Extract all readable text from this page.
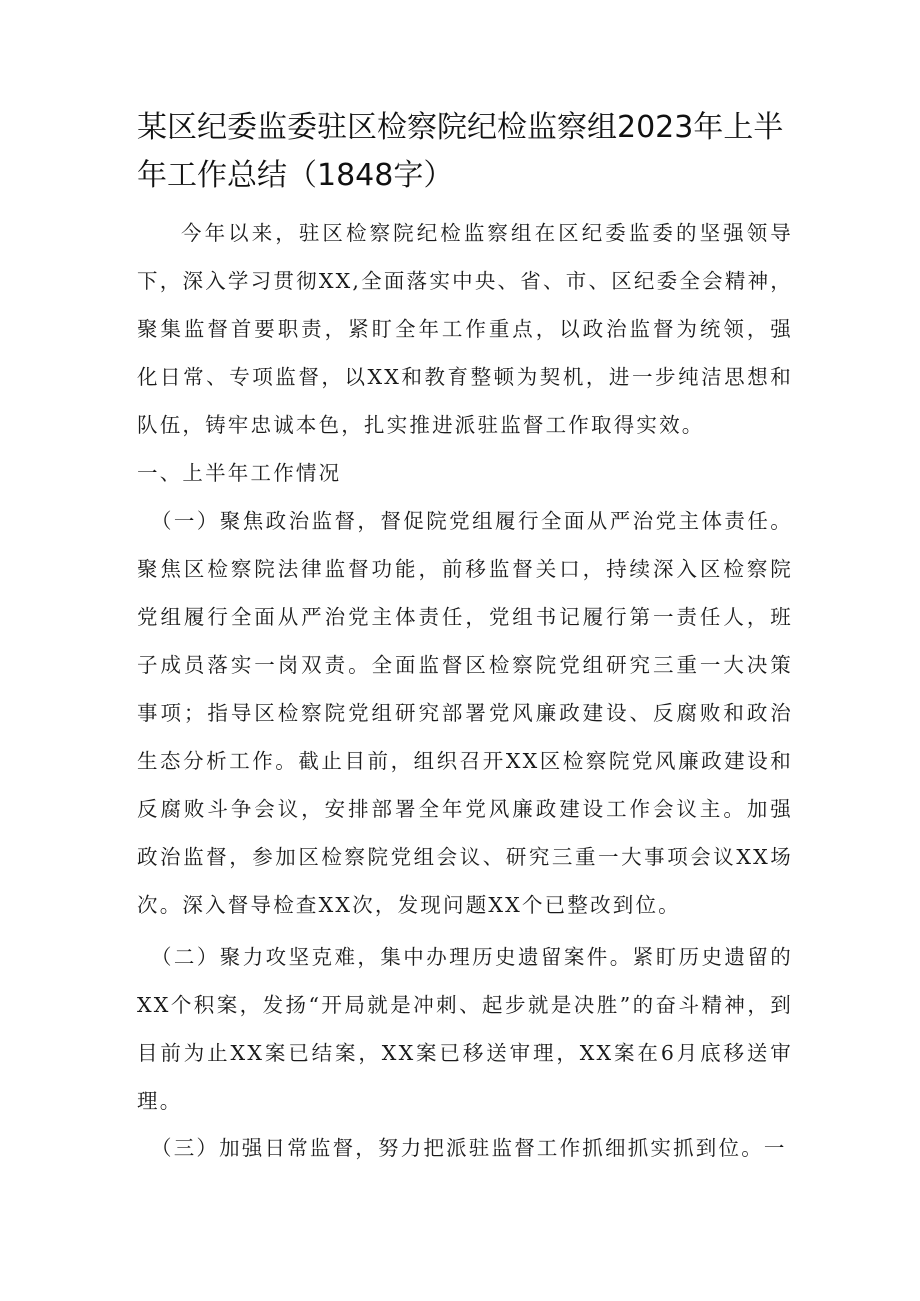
某区纪委监委驻区检察院纪检监察组2023年上半年工作总结（1848字）

今年以来，驻区检察院纪检监察组在区纪委监委的坚强领导下，深入学习贯彻XX,全面落实中央、省、市、区纪委全会精神，聚集监督首要职责，紧盯全年工作重点，以政治监督为统领，强化日常、专项监督，以XX和教育整顿为契机，进一步纯洁思想和队伍，铸牢忠诚本色，扎实推进派驻监督工作取得实效。

一、上半年工作情况

（一）聚焦政治监督，督促院党组履行全面从严治党主体责任。聚焦区检察院法律监督功能，前移监督关口，持续深入区检察院党组履行全面从严治党主体责任，党组书记履行第一责任人，班子成员落实一岗双责。全面监督区检察院党组研究三重一大决策事项；指导区检察院党组研究部署党风廉政建设、反腐败和政治生态分析工作。截止目前，组织召开XX区检察院党风廉政建设和反腐败斗争会议，安排部署全年党风廉政建设工作会议主。加强政治监督，参加区检察院党组会议、研究三重一大事项会议XX场次。深入督导检查XX次，发现问题XX个已整改到位。

（二）聚力攻坚克难，集中办理历史遗留案件。紧盯历史遗留的XX个积案，发扬“开局就是冲刺、起步就是决胜”的奋斗精神，到目前为止XX案已结案，XX案已移送审理，XX案在6月底移送审理。

（三）加强日常监督，努力把派驻监督工作抓细抓实抓到位。一
